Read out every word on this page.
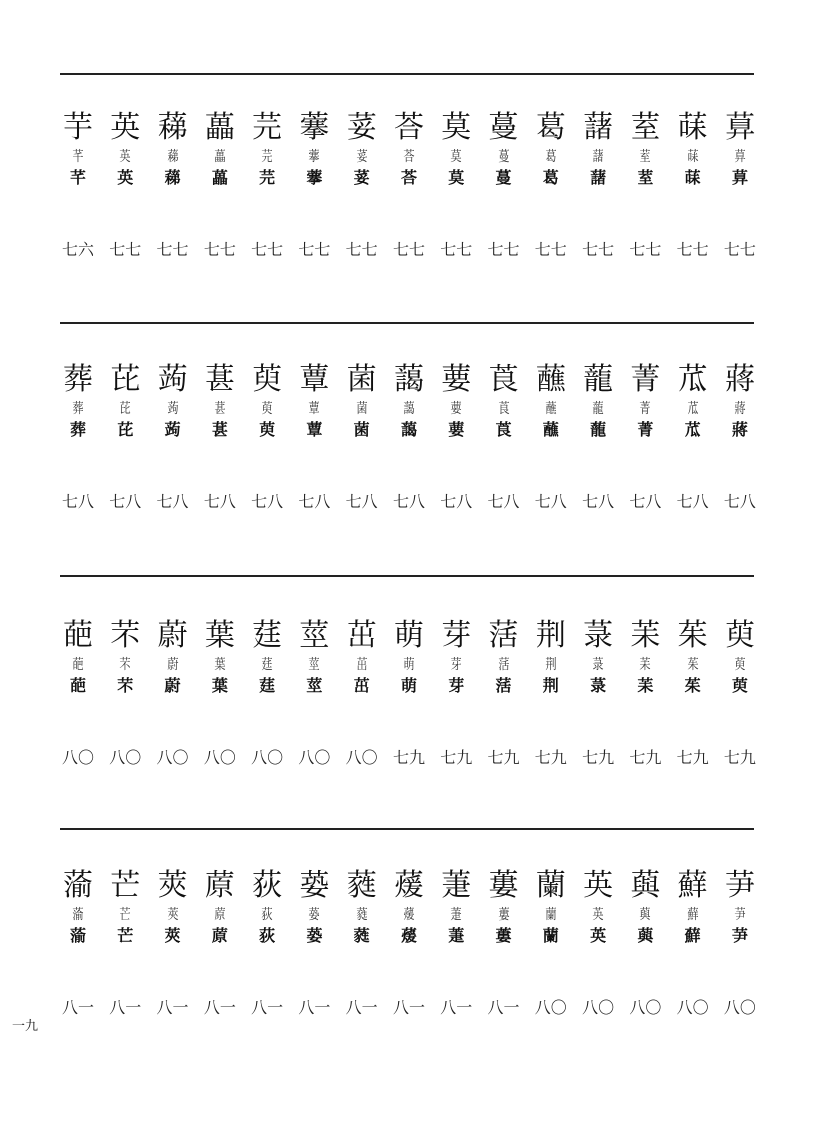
芋
芊
芊
七六
英
英
英
七七
蕛
蕛
蕛
七七
藟
藟
藟
七七
芫
芫
芫
七七
藆
藆
藆
七七
荽
荽
荽
七七
荅
荅
荅
七七
莫
莫
莫
七七
蔓
蔓
蔓
七七
葛
葛
葛
七七
藷
藷
藷
七七
荎
荎
荎
七七
菋
菋
菋
七七
萛
萛
萛
七七
葬
葬
葬
七八
芘
芘
芘
七八
蒟
蒟
蒟
七八
葚
葚
葚
七八
萸
萸
萸
七八
蕈
蕈
蕈
七八
菌
菌
菌
七八
藹
藹
藹
七八
葽
葽
葽
七八
莨
莨
莨
七八
蘸
蘸
蘸
七八
蘢
蘢
蘢
七八
菁
菁
菁
七八
苽
苽
苽
七八
蔣
蔣
蔣
七八
葩
葩
葩
八〇
芣
芣
芣
八〇
蔚
蔚
蔚
八〇
葉
葉
葉
八〇
莛
莛
莛
八〇
莖
莖
莖
八〇
茁
茁
茁
八〇
萌
萌
萌
七九
芽
芽
芽
七九
萿
萿
萿
七九
荆
荆
荆
七九
菉
菉
菉
七九
苿
苿
苿
七九
茱
茱
茱
七九
萸
萸
萸
七九
蕍
蕍
蕍
八一
芒
芒
芒
八一
莢
莢
莢
八一
蒝
蒝
蒝
八一
荻
荻
荻
八一
蒆
蒆
蒆
八一
蕤
蕤
蕤
八一
蕿
蕿
蕿
八一
萐
萐
萐
八一
蔞
蔞
蔞
八一
蘭
蘭
蘭
八〇
英
英
英
八〇
藇
藇
藇
八〇
蘚
蘚
蘚
八〇
芛
芛
芛
八〇
一九
